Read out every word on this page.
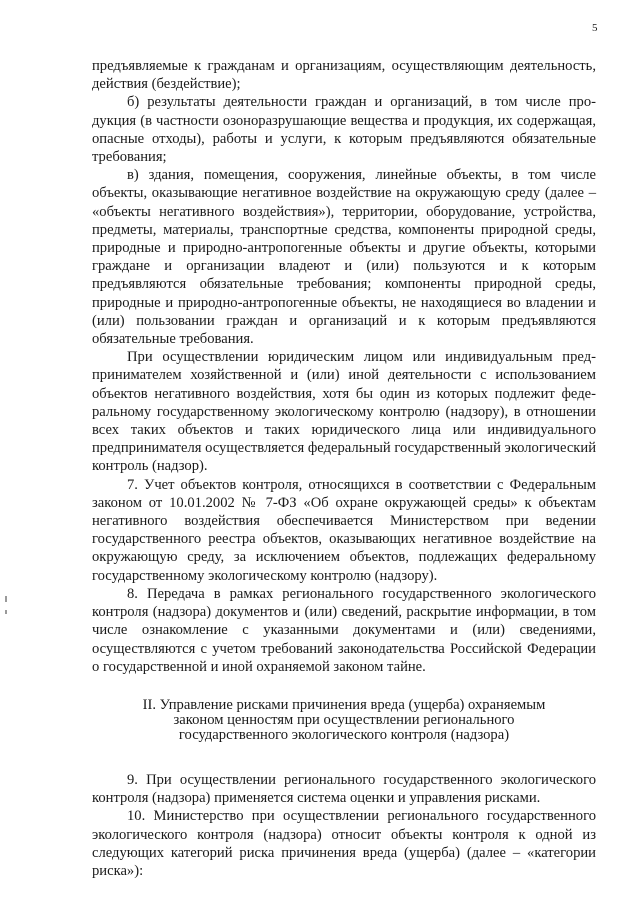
5

предъявляемые к гражданам и организациям, осуществляющим деятельность, действия (бездействие);

б) результаты деятельности граждан и организаций, в том числе продукция (в частности озоноразрушающие вещества и продукция, их содержащая, опасные отходы), работы и услуги, к которым предъявляются обязательные требования;

в) здания, помещения, сооружения, линейные объекты, в том числе объекты, оказывающие негативное воздействие на окружающую среду (далее – «объекты негативного воздействия»), территории, оборудование, устройства, предметы, материалы, транспортные средства, компоненты природной среды, природные и природно-антропогенные объекты и другие объекты, которыми граждане и организации владеют и (или) пользуются и к которым предъявляются обязательные требования; компоненты природной среды, природные и природно-антропогенные объекты, не находящиеся во владении и (или) пользовании граждан и организаций и к которым предъявляются обязательные требования.

При осуществлении юридическим лицом или индивидуальным предпринимателем хозяйственной и (или) иной деятельности с использованием объектов негативного воздействия, хотя бы один из которых подлежит федеральному государственному экологическому контролю (надзору), в отношении всех таких объектов и таких юридического лица или индивидуального предпринимателя осуществляется федеральный государственный экологический контроль (надзор).

7. Учет объектов контроля, относящихся в соответствии с Федеральным законом от 10.01.2002 № 7-ФЗ «Об охране окружающей среды» к объектам негативного воздействия обеспечивается Министерством при ведении государственного реестра объектов, оказывающих негативное воздействие на окружающую среду, за исключением объектов, подлежащих федеральному государственному экологическому контролю (надзору).

8. Передача в рамках регионального государственного экологического контроля (надзора) документов и (или) сведений, раскрытие информации, в том числе ознакомление с указанными документами и (или) сведениями, осуществляются с учетом требований законодательства Российской Федерации о государственной и иной охраняемой законом тайне.

II. Управление рисками причинения вреда (ущерба) охраняемым
законом ценностям при осуществлении регионального
государственного экологического контроля (надзора)

9. При осуществлении регионального государственного экологического контроля (надзора) применяется система оценки и управления рисками.

10. Министерство при осуществлении регионального государственного экологического контроля (надзора) относит объекты контроля к одной из следующих категорий риска причинения вреда (ущерба) (далее – «категории риска»):
